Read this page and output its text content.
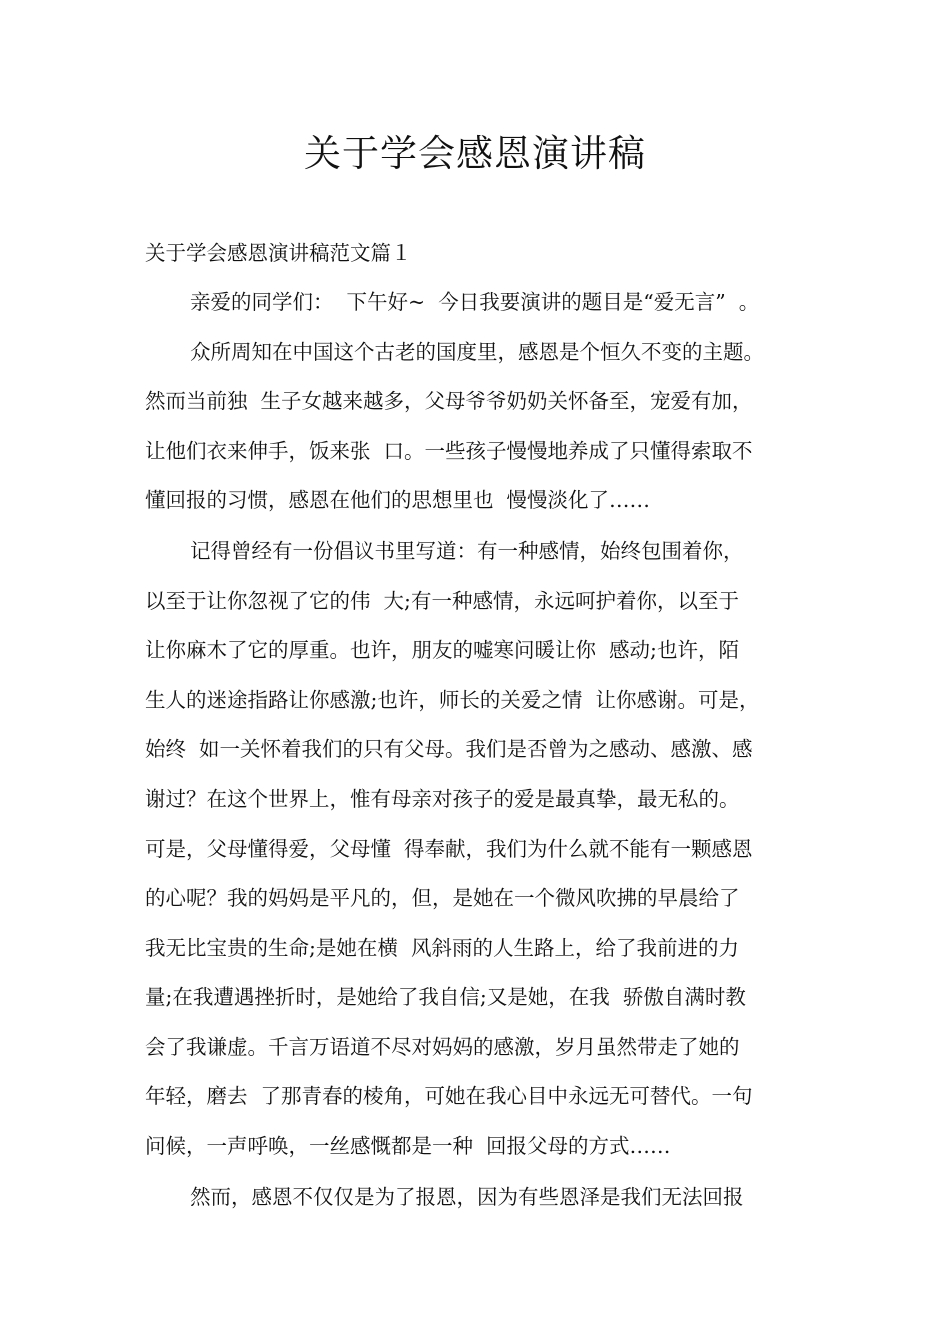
关于学会感恩演讲稿
关于学会感恩演讲稿范文篇１
亲爱的同学们：  下午好~  今日我要演讲的题目是“爱无言”  。
众所周知在中国这个古老的国度里，感恩是个恒久不变的主题。
然而当前独  生子女越来越多，父母爷爷奶奶关怀备至，宠爱有加，
让他们衣来伸手，饭来张  口。一些孩子慢慢地养成了只懂得索取不
懂回报的习惯，感恩在他们的思想里也  慢慢淡化了……
记得曾经有一份倡议书里写道：有一种感情，始终包围着你，
以至于让你忽视了它的伟  大;有一种感情，永远呵护着你，以至于
让你麻木了它的厚重。也许，朋友的嘘寒问暖让你  感动;也许，陌
生人的迷途指路让你感激;也许，师长的关爱之情  让你感谢。可是，
始终  如一关怀着我们的只有父母。我们是否曾为之感动、感激、感
谢过？在这个世界上，惟有母亲对孩子的爱是最真挚，最无私的。
可是，父母懂得爱，父母懂  得奉献，我们为什么就不能有一颗感恩
的心呢？我的妈妈是平凡的，但，是她在一个微风吹拂的早晨给了
我无比宝贵的生命;是她在横  风斜雨的人生路上，给了我前进的力
量;在我遭遇挫折时，是她给了我自信;又是她，在我  骄傲自满时教
会了我谦虚。千言万语道不尽对妈妈的感激，岁月虽然带走了她的
年轻，磨去  了那青春的棱角，可她在我心目中永远无可替代。一句
问候，一声呼唤，一丝感慨都是一种  回报父母的方式……
然而，感恩不仅仅是为了报恩，因为有些恩泽是我们无法回报
